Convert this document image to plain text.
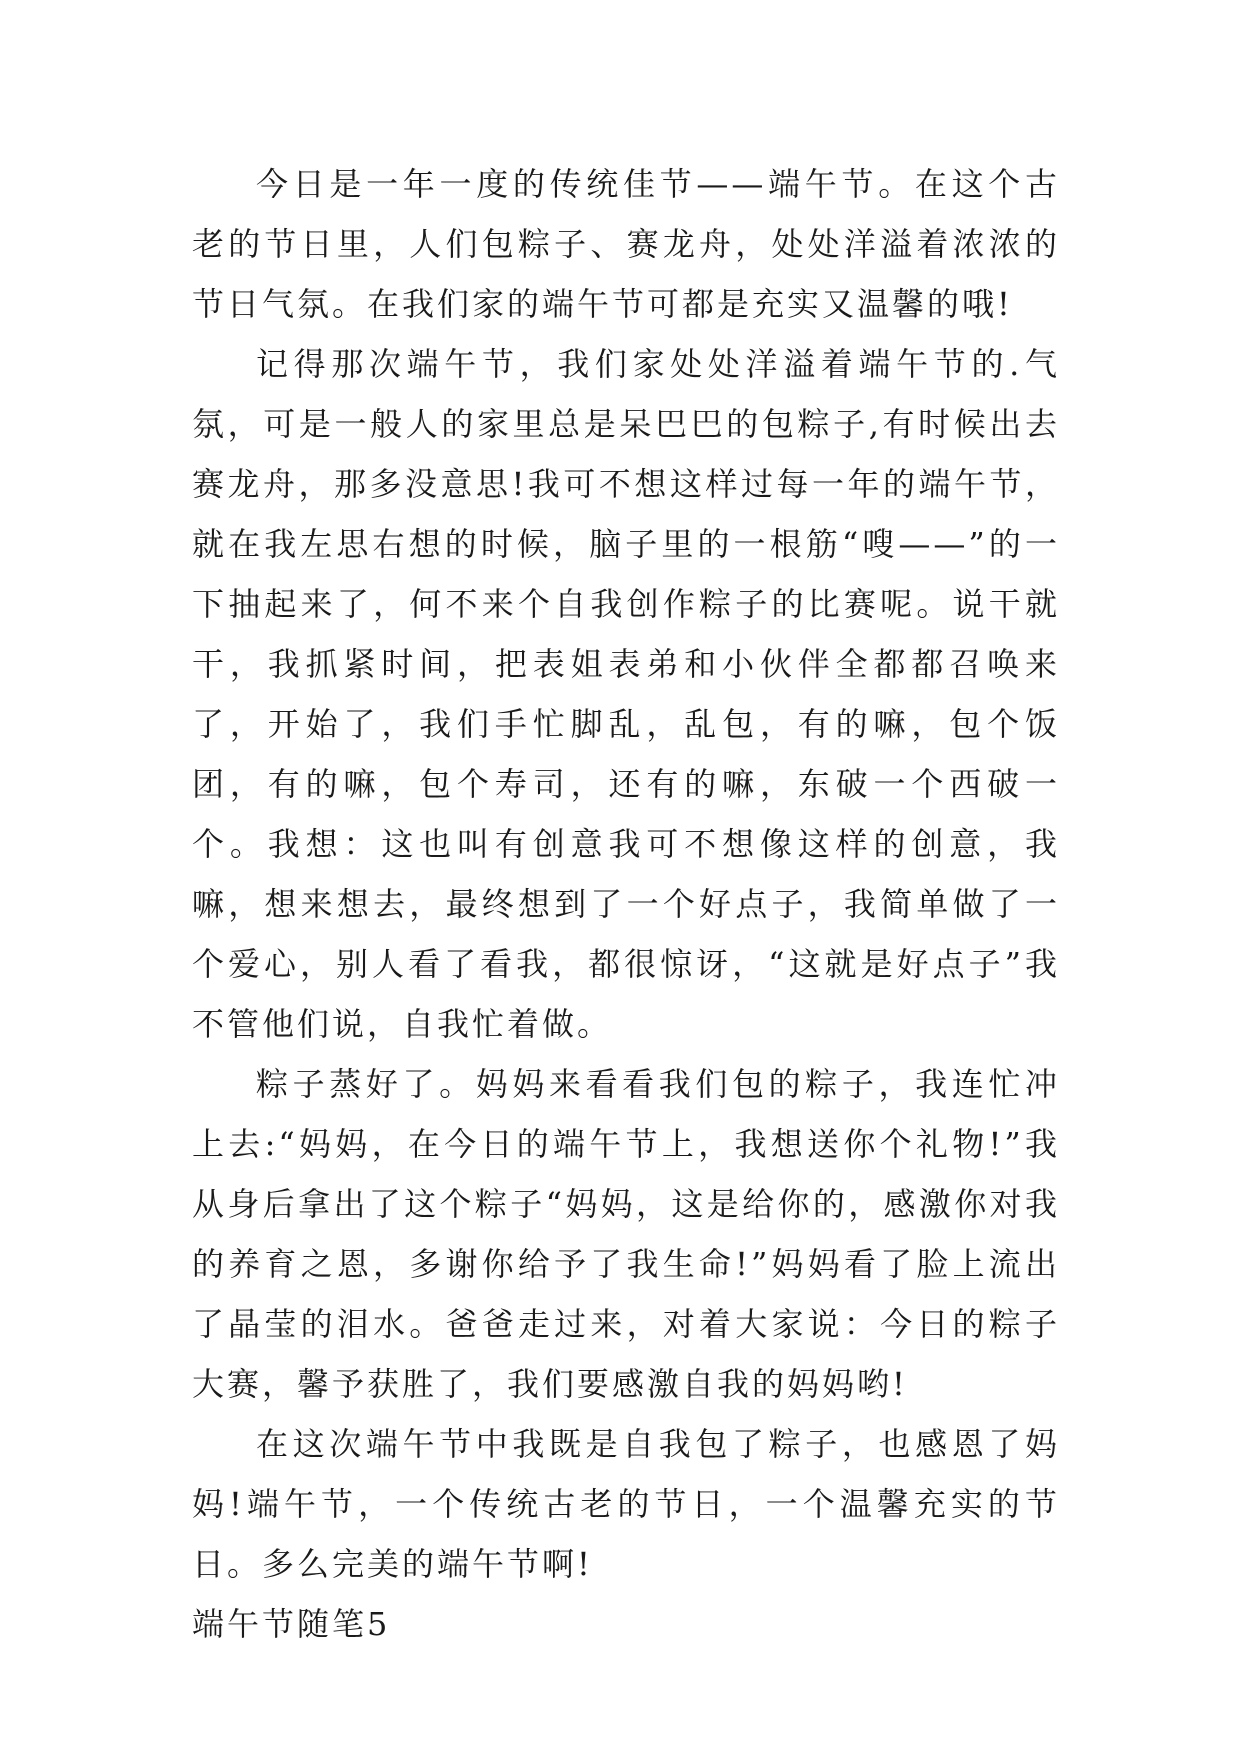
今日是一年一度的传统佳节——端午节。在这个古老的节日里，人们包粽子、赛龙舟，处处洋溢着浓浓的节日气氛。在我们家的端午节可都是充实又温馨的哦!

记得那次端午节，我们家处处洋溢着端午节的.气氛，可是一般人的家里总是呆巴巴的包粽子,有时候出去赛龙舟，那多没意思!我可不想这样过每一年的端午节，就在我左思右想的时候，脑子里的一根筋“嗖——”的一下抽起来了，何不来个自我创作粽子的比赛呢。说干就干，我抓紧时间，把表姐表弟和小伙伴全都都召唤来了，开始了，我们手忙脚乱，乱包，有的嘛，包个饭团，有的嘛，包个寿司，还有的嘛，东破一个西破一个。我想：这也叫有创意我可不想像这样的创意，我嘛，想来想去，最终想到了一个好点子，我简单做了一个爱心，别人看了看我，都很惊讶，“这就是好点子”我不管他们说，自我忙着做。

粽子蒸好了。妈妈来看看我们包的粽子，我连忙冲上去:“妈妈，在今日的端午节上，我想送你个礼物!”我从身后拿出了这个粽子“妈妈，这是给你的，感激你对我的养育之恩，多谢你给予了我生命!”妈妈看了脸上流出了晶莹的泪水。爸爸走过来，对着大家说：今日的粽子大赛，馨予获胜了，我们要感激自我的妈妈哟!

在这次端午节中我既是自我包了粽子，也感恩了妈妈!端午节，一个传统古老的节日，一个温馨充实的节日。多么完美的端午节啊!

端午节随笔5
